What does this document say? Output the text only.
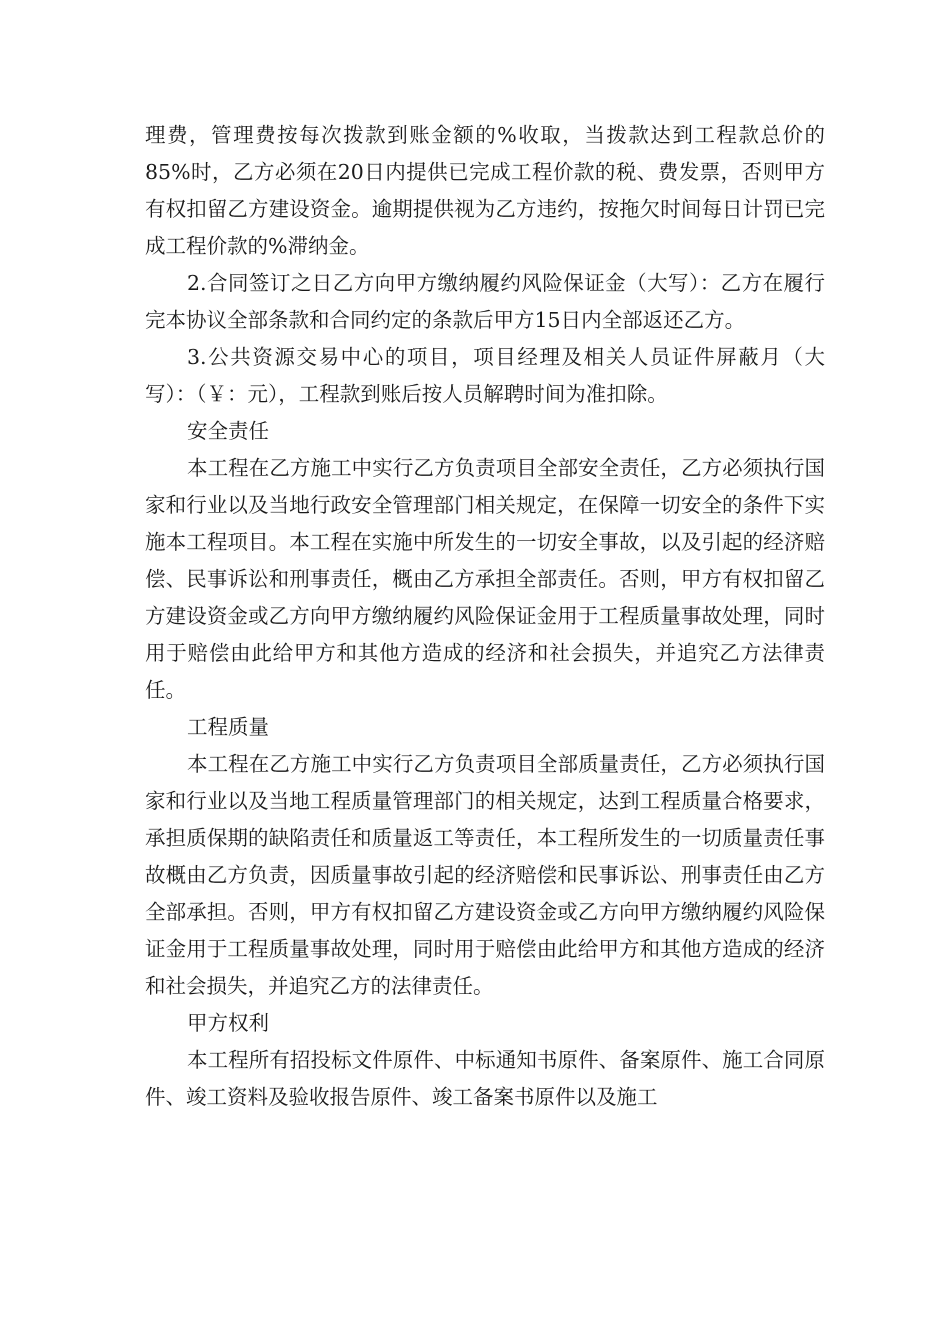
理费，管理费按每次拨款到账金额的%收取，当拨款达到工程款总价的85%时，乙方必须在20日内提供已完成工程价款的税、费发票，否则甲方有权扣留乙方建设资金。逾期提供视为乙方违约，按拖欠时间每日计罚已完成工程价款的%滞纳金。

2.合同签订之日乙方向甲方缴纳履约风险保证金（大写）：乙方在履行完本协议全部条款和合同约定的条款后甲方15日内全部返还乙方。

3.公共资源交易中心的项目，项目经理及相关人员证件屏蔽月（大写）：（￥：元），工程款到账后按人员解聘时间为准扣除。

安全责任

本工程在乙方施工中实行乙方负责项目全部安全责任，乙方必须执行国家和行业以及当地行政安全管理部门相关规定，在保障一切安全的条件下实施本工程项目。本工程在实施中所发生的一切安全事故，以及引起的经济赔偿、民事诉讼和刑事责任，概由乙方承担全部责任。否则，甲方有权扣留乙方建设资金或乙方向甲方缴纳履约风险保证金用于工程质量事故处理，同时用于赔偿由此给甲方和其他方造成的经济和社会损失，并追究乙方法律责任。

工程质量

本工程在乙方施工中实行乙方负责项目全部质量责任，乙方必须执行国家和行业以及当地工程质量管理部门的相关规定，达到工程质量合格要求，承担质保期的缺陷责任和质量返工等责任，本工程所发生的一切质量责任事故概由乙方负责，因质量事故引起的经济赔偿和民事诉讼、刑事责任由乙方全部承担。否则，甲方有权扣留乙方建设资金或乙方向甲方缴纳履约风险保证金用于工程质量事故处理，同时用于赔偿由此给甲方和其他方造成的经济和社会损失，并追究乙方的法律责任。

甲方权利

本工程所有招投标文件原件、中标通知书原件、备案原件、施工合同原件、竣工资料及验收报告原件、竣工备案书原件以及施工
